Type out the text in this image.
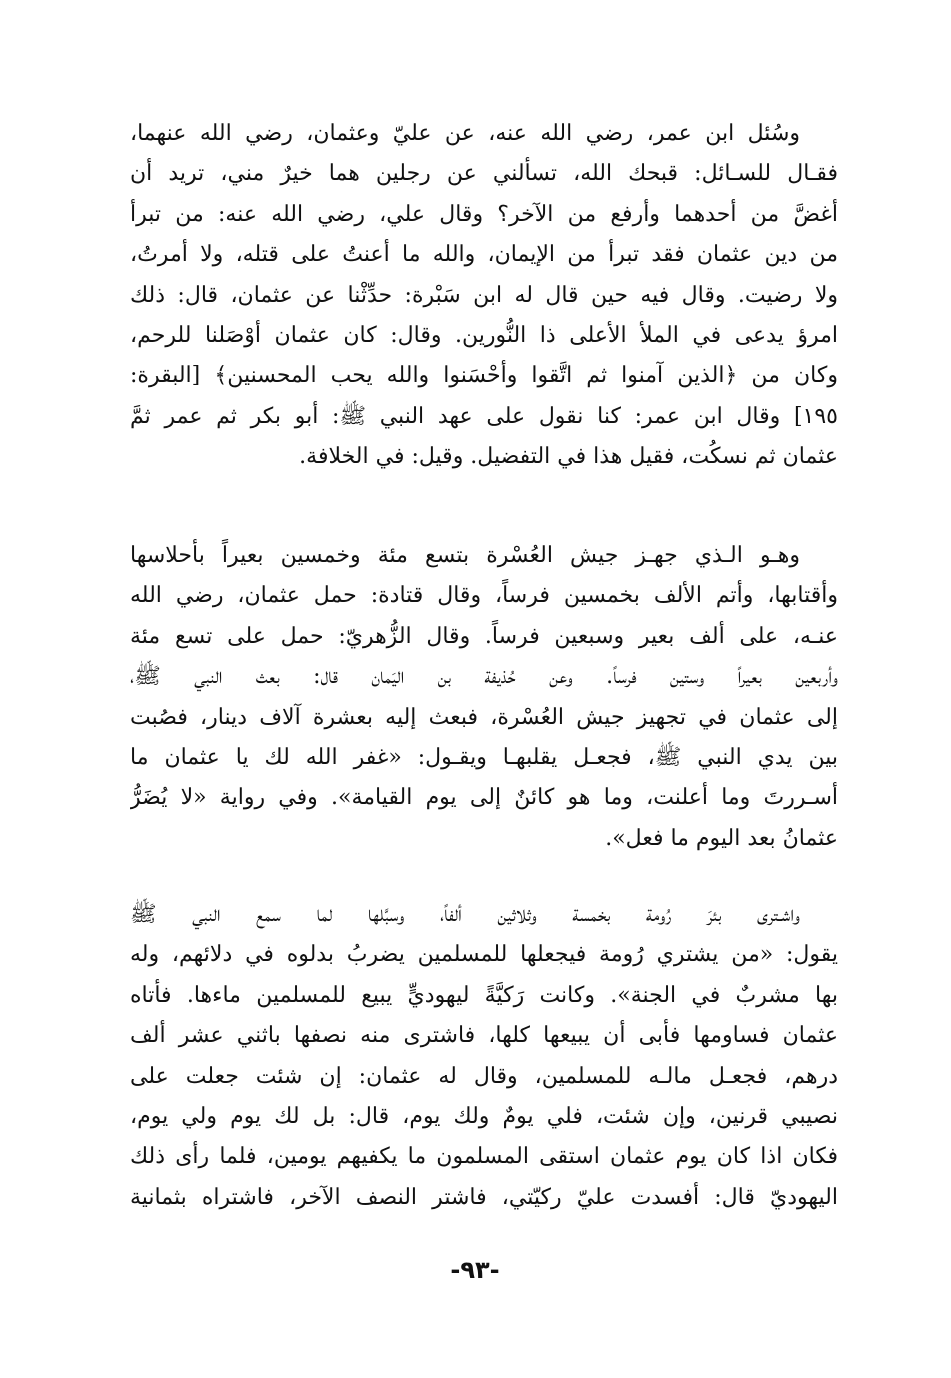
وسُئل ابن عمر، رضي الله عنه، عن عليّ وعثمان، رضي الله عنهما،
فقـال للسـائل: قبحك الله، تسألني عن رجلين هما خيرٌ مني، تريد أن
أغضَّ من أحدهما وأرفع من الآخر؟ وقال علي، رضي الله عنه: من تبرأ
من دين عثمان فقد تبرأ من الإيمان، والله ما أعنتُ على قتله، ولا أمرتُ،
ولا رضيت. وقال فيه حين قال له ابن سَبْرة: حدِّثْنا عن عثمان، قال: ذلك
امرؤ يدعى في الملأ الأعلى ذا النُّورين. وقال: كان عثمان أوْصَلنا للرحم،
وكان من ﴿الذين آمنوا ثم اتَّقوا وأحْسَنوا والله يحب المحسنين﴾ [البقرة:
١٩٥] وقال ابن عمر: كنا نقول على عهد النبي ﷺ: أبو بكر ثم عمر ثمَّ
عثمان ثم نسكُت، فقيل هذا في التفضيل. وقيل: في الخلافة.
وهـو الـذي جهـز جيش العُسْرة بتسع مئة وخمسين بعيراً بأحلاسها
وأقتابها، وأتم الألف بخمسين فرساً، وقال قتادة: حمل عثمان، رضي الله
عنـه، على ألف بعير وسبعين فرساً. وقال الزُّهريّ: حمل على تسع مئة
وأربعين بعيراً وستين فرساً. وعن حُذيفة بن اليَمان قال: بعث النبي ﷺ،
إلى عثمان في تجهيز جيش العُسْرة، فبعث إليه بعشرة آلاف دينار، فصُبت
بين يدي النبي ﷺ، فجعـل يقلبهـا ويقـول: «غفر الله لك يا عثمان ما
أسـررتَ وما أعلنت، وما هو كائنٌ إلى يوم القيامة». وفي رواية «لا يُضَرُّ
عثمانُ بعد اليوم ما فعل».
واشـترى بئرَ رُومة بخمسة وثلاثين ألفاً، وسبَّلها لما سمع النبي ﷺ
يقول: «من يشتري رُومة فيجعلها للمسلمين يضربُ بدلوه في دلائهم، وله
بها مشربٌ في الجنة». وكانت رَكيَّةً ليهوديٍّ يبيع للمسلمين ماءها. فأتاه
عثمان فساومها فأبى أن يبيعها كلها، فاشترى منه نصفها باثني عشر ألف
درهم، فجعـل مالـه للمسلمين، وقال له عثمان: إن شئت جعلت على
نصيبي قرنين، وإن شئت، فلي يومٌ ولك يوم، قال: بل لك يوم ولي يوم،
فكان اذا كان يوم عثمان استقى المسلمون ما يكفيهم يومين، فلما رأى ذلك
اليهوديّ قال: أفسدت عليّ ركيّتي، فاشتر النصف الآخر، فاشتراه بثمانية
-٩٣-
